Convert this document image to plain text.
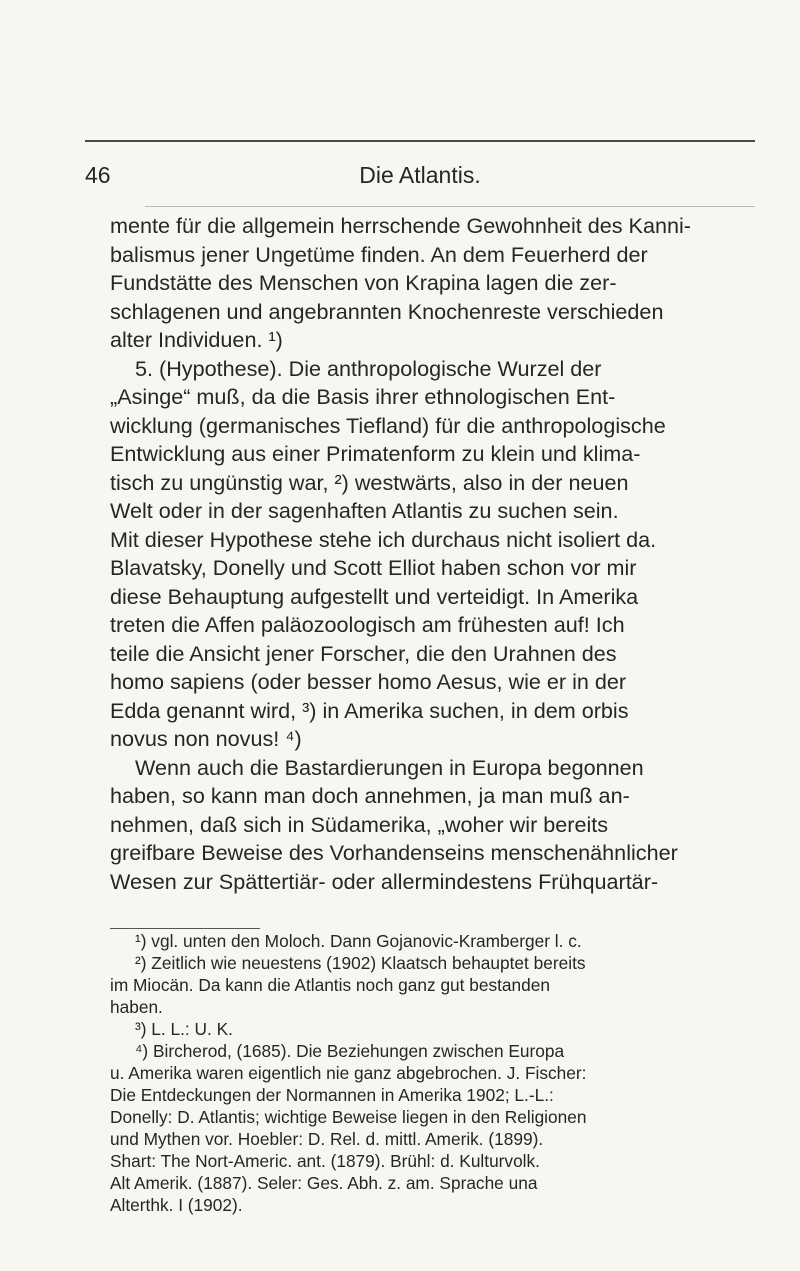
46	Die Atlantis.
mente für die allgemein herrschende Gewohnheit des Kanni-
balismus jener Ungetüme finden. An dem Feuerherd der
Fundstätte des Menschen von Krapina lagen die zer-
schlagenen und angebrannten Knochenreste verschieden
alter Individuen. ¹)
5. (Hypothese). Die anthropologische Wurzel der
„Asinge“ muß, da die Basis ihrer ethnologischen Ent-
wicklung (germanisches Tiefland) für die anthropologische
Entwicklung aus einer Primatenform zu klein und klima-
tisch zu ungünstig war, ²) westwärts, also in der neuen
Welt oder in der sagenhaften Atlantis zu suchen sein.
Mit dieser Hypothese stehe ich durchaus nicht isoliert da.
Blavatsky, Donelly und Scott Elliot haben schon vor mir
diese Behauptung aufgestellt und verteidigt. In Amerika
treten die Affen paläozoologisch am frühesten auf! Ich
teile die Ansicht jener Forscher, die den Urahnen des
homo sapiens (oder besser homo Aesus, wie er in der
Edda genannt wird, ³) in Amerika suchen, in dem orbis
novus non novus! ⁴)
Wenn auch die Bastardierungen in Europa begonnen
haben, so kann man doch annehmen, ja man muß an-
nehmen, daß sich in Südamerika, „woher wir bereits
greifbare Beweise des Vorhandenseins menschenähnlicher
Wesen zur Spättertiär- oder allermindestens Frühquartär-
¹) vgl. unten den Moloch. Dann Gojanovic-Kramberger l. c.
²) Zeitlich wie neuestens (1902) Klaatsch behauptet bereits
im Miocän. Da kann die Atlantis noch ganz gut bestanden
haben.
³) L. L.: U. K.
⁴) Bircherod, (1685). Die Beziehungen zwischen Europa
u. Amerika waren eigentlich nie ganz abgebrochen. J. Fischer:
Die Entdeckungen der Normannen in Amerika 1902; L.-L.:
Donelly: D. Atlantis; wichtige Beweise liegen in den Religionen
und Mythen vor. Hoebler: D. Rel. d. mittl. Amerik. (1899).
Shart: The Nort-Americ. ant. (1879). Brühl: d. Kulturvolk.
Alt Amerik. (1887). Seler: Ges. Abh. z. am. Sprache una
Alterthk. I (1902).
